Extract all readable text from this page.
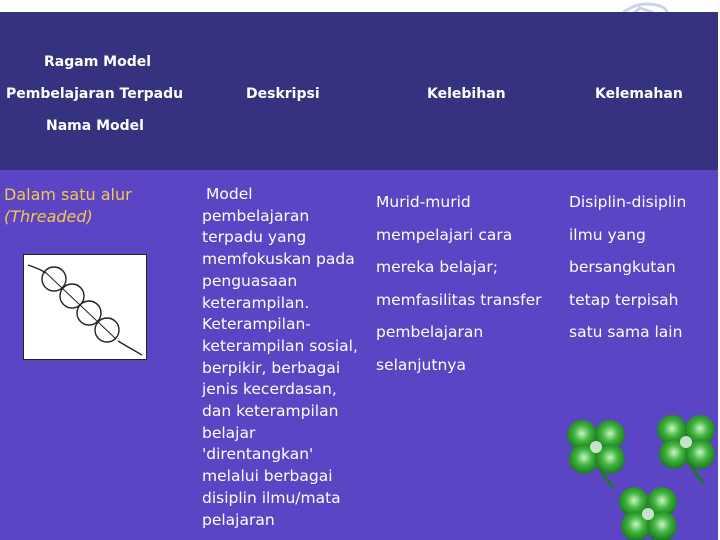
Ragam Model
Pembelajaran Terpadu
Nama Model
Deskripsi	Kelebihan	Kelemahan
Dalam satu alur
(Threaded)
Model
pembelajaran
terpadu yang
memfokuskan pada
penguasaan
keterampilan.
Keterampilan-
keterampilan sosial,
berpikir, berbagai
jenis kecerdasan,
dan keterampilan
belajar
'direntangkan'
melalui berbagai
disiplin ilmu/mata
pelajaran
Murid-murid
mempelajari cara
mereka belajar;
memfasilitas transfer
pembelajaran
selanjutnya
Disiplin-disiplin
ilmu yang
bersangkutan
tetap terpisah
satu sama lain
